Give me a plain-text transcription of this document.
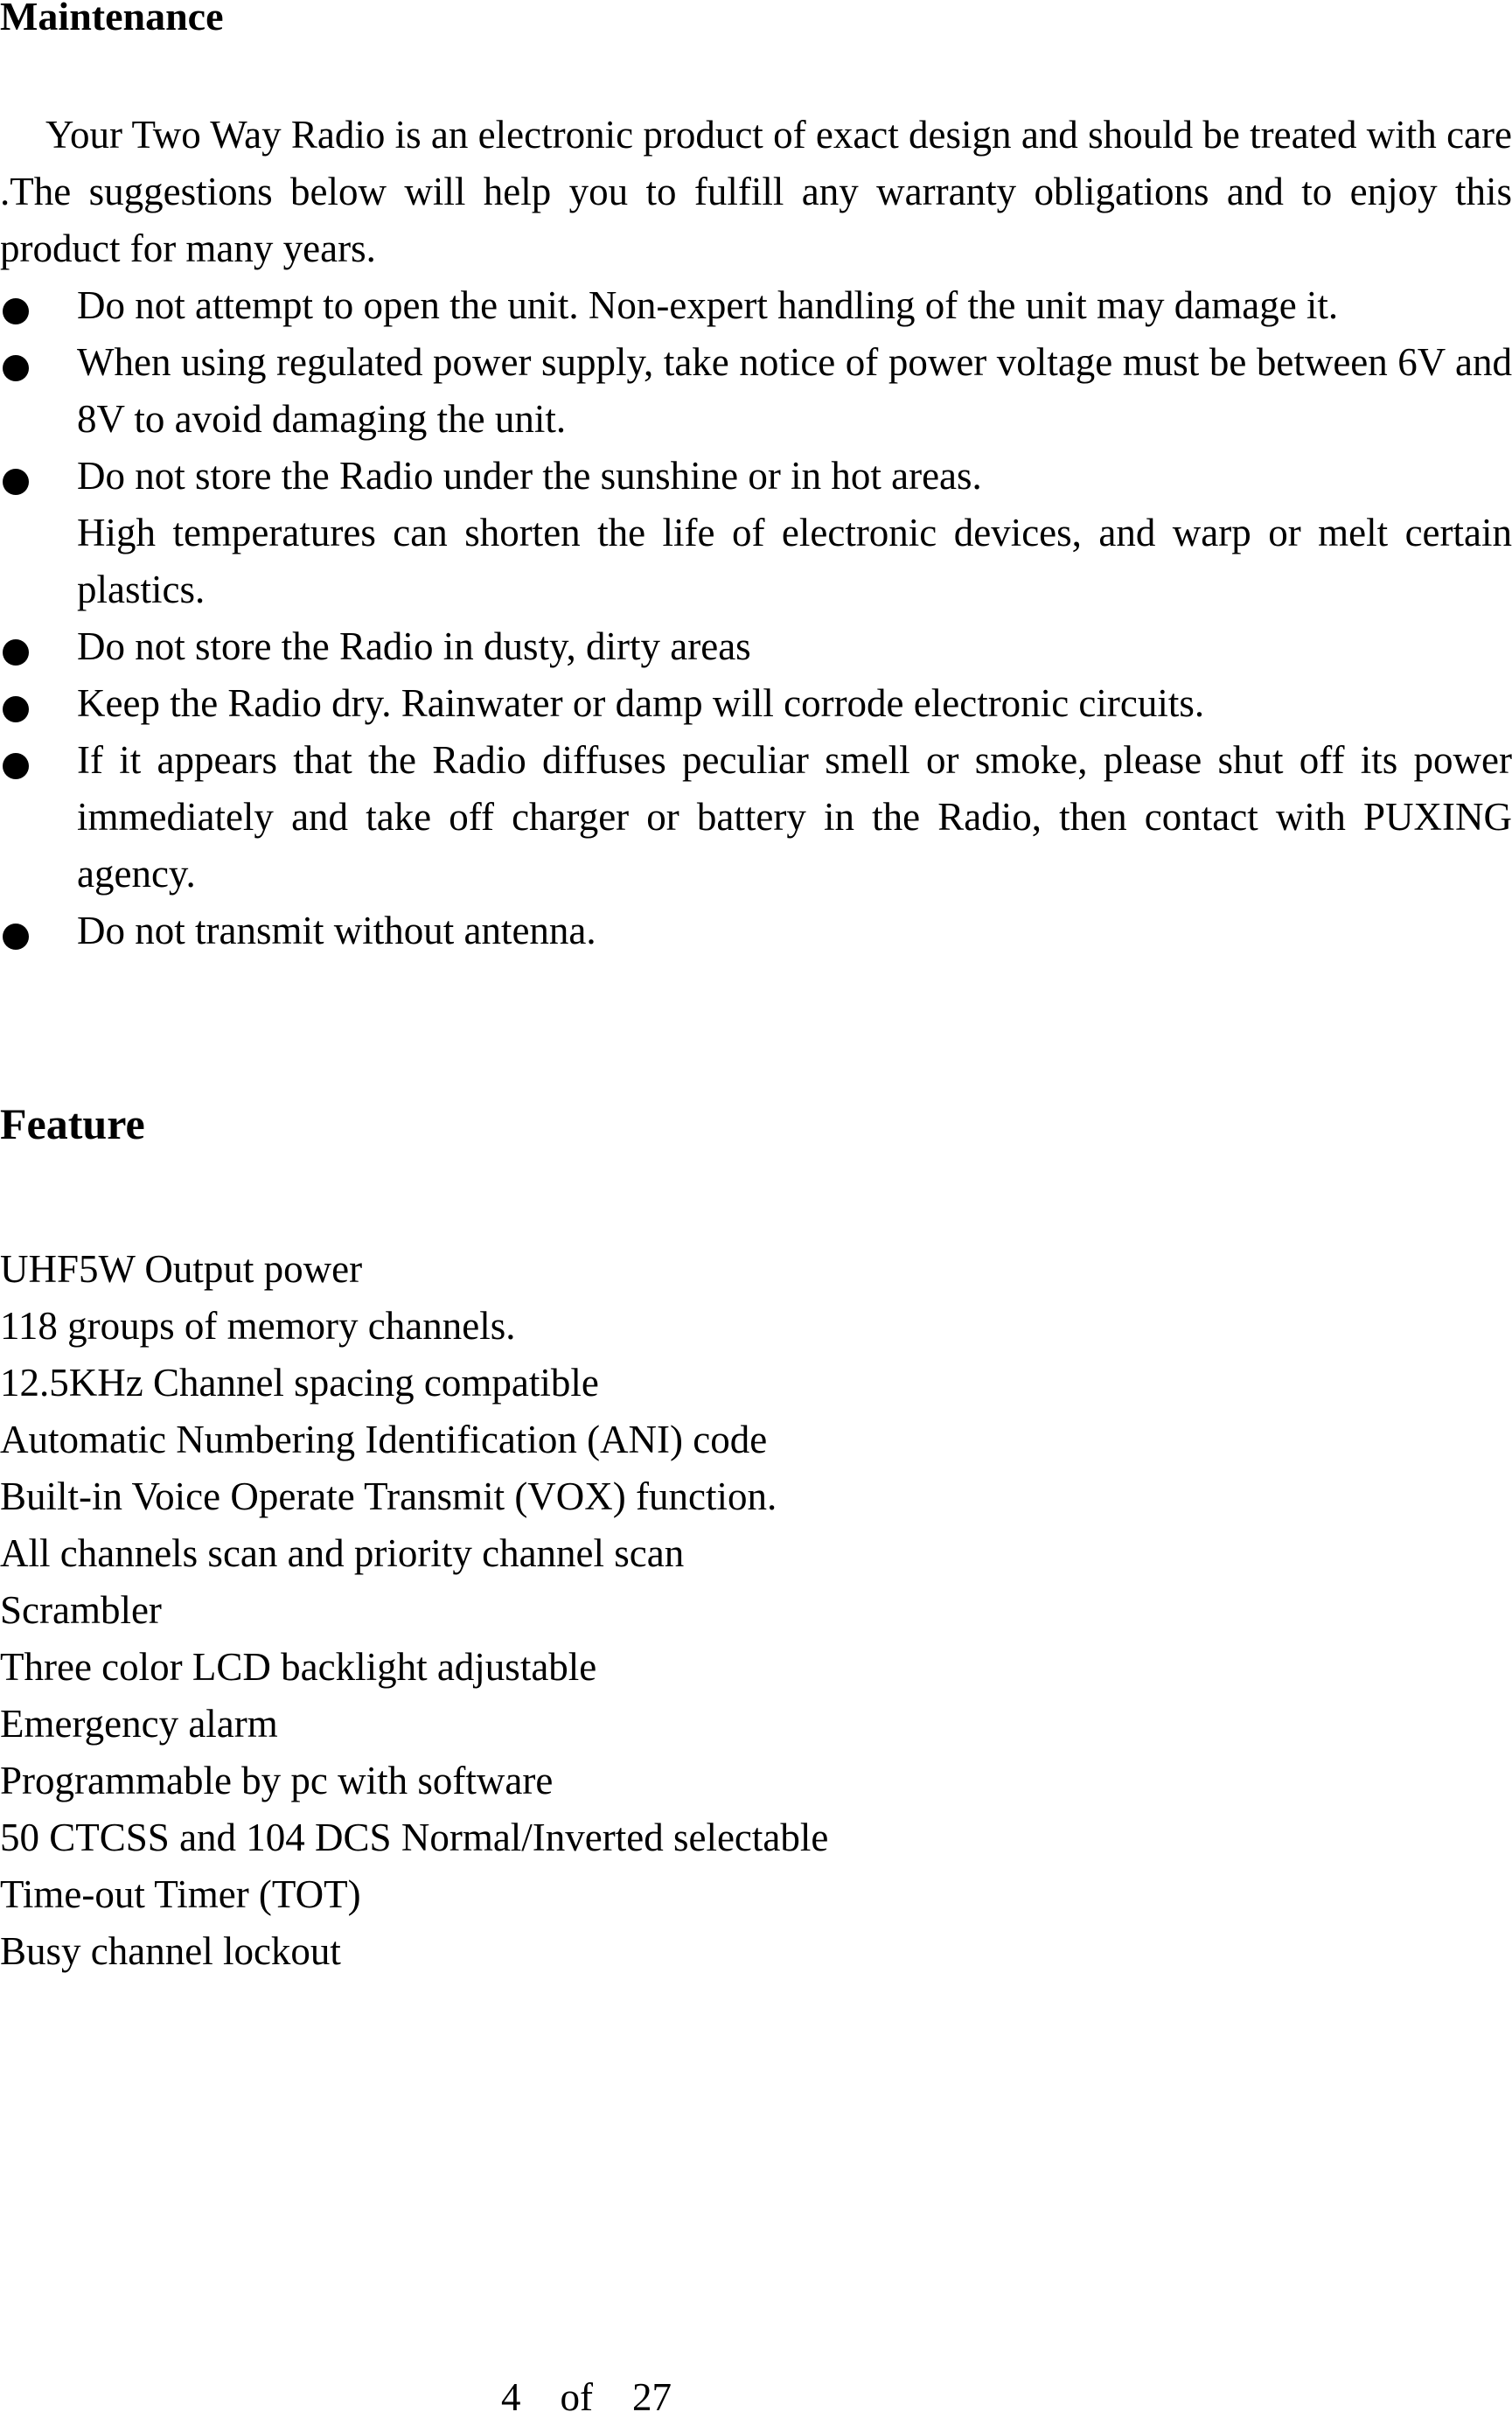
Maintenance

Your Two Way Radio is an electronic product of exact design and should be treated with care .The suggestions below will help you to fulfill any warranty obligations and to enjoy this product for many years.

Do not attempt to open the unit. Non-expert handling of the unit may damage it.
When using regulated power supply, take notice of power voltage must be between 6V and 8V to avoid damaging the unit.
Do not store the Radio under the sunshine or in hot areas.
High temperatures can shorten the life of electronic devices, and warp or melt certain plastics.
Do not store the Radio in dusty, dirty areas
Keep the Radio dry. Rainwater or damp will corrode electronic circuits.
If it appears that the Radio diffuses peculiar smell or smoke, please shut off its power immediately and take off charger or battery in the Radio, then contact with PUXING agency.
Do not transmit without antenna.
Feature
UHF5W Output power
118 groups of memory channels.
12.5KHz Channel spacing compatible
Automatic Numbering Identification (ANI) code
Built-in Voice Operate Transmit (VOX) function.
All channels scan and priority channel scan
Scrambler
Three color LCD backlight adjustable
Emergency alarm
Programmable by pc with software
50 CTCSS and 104 DCS Normal/Inverted selectable
Time-out Timer (TOT)
Busy channel lockout
4 of 27
